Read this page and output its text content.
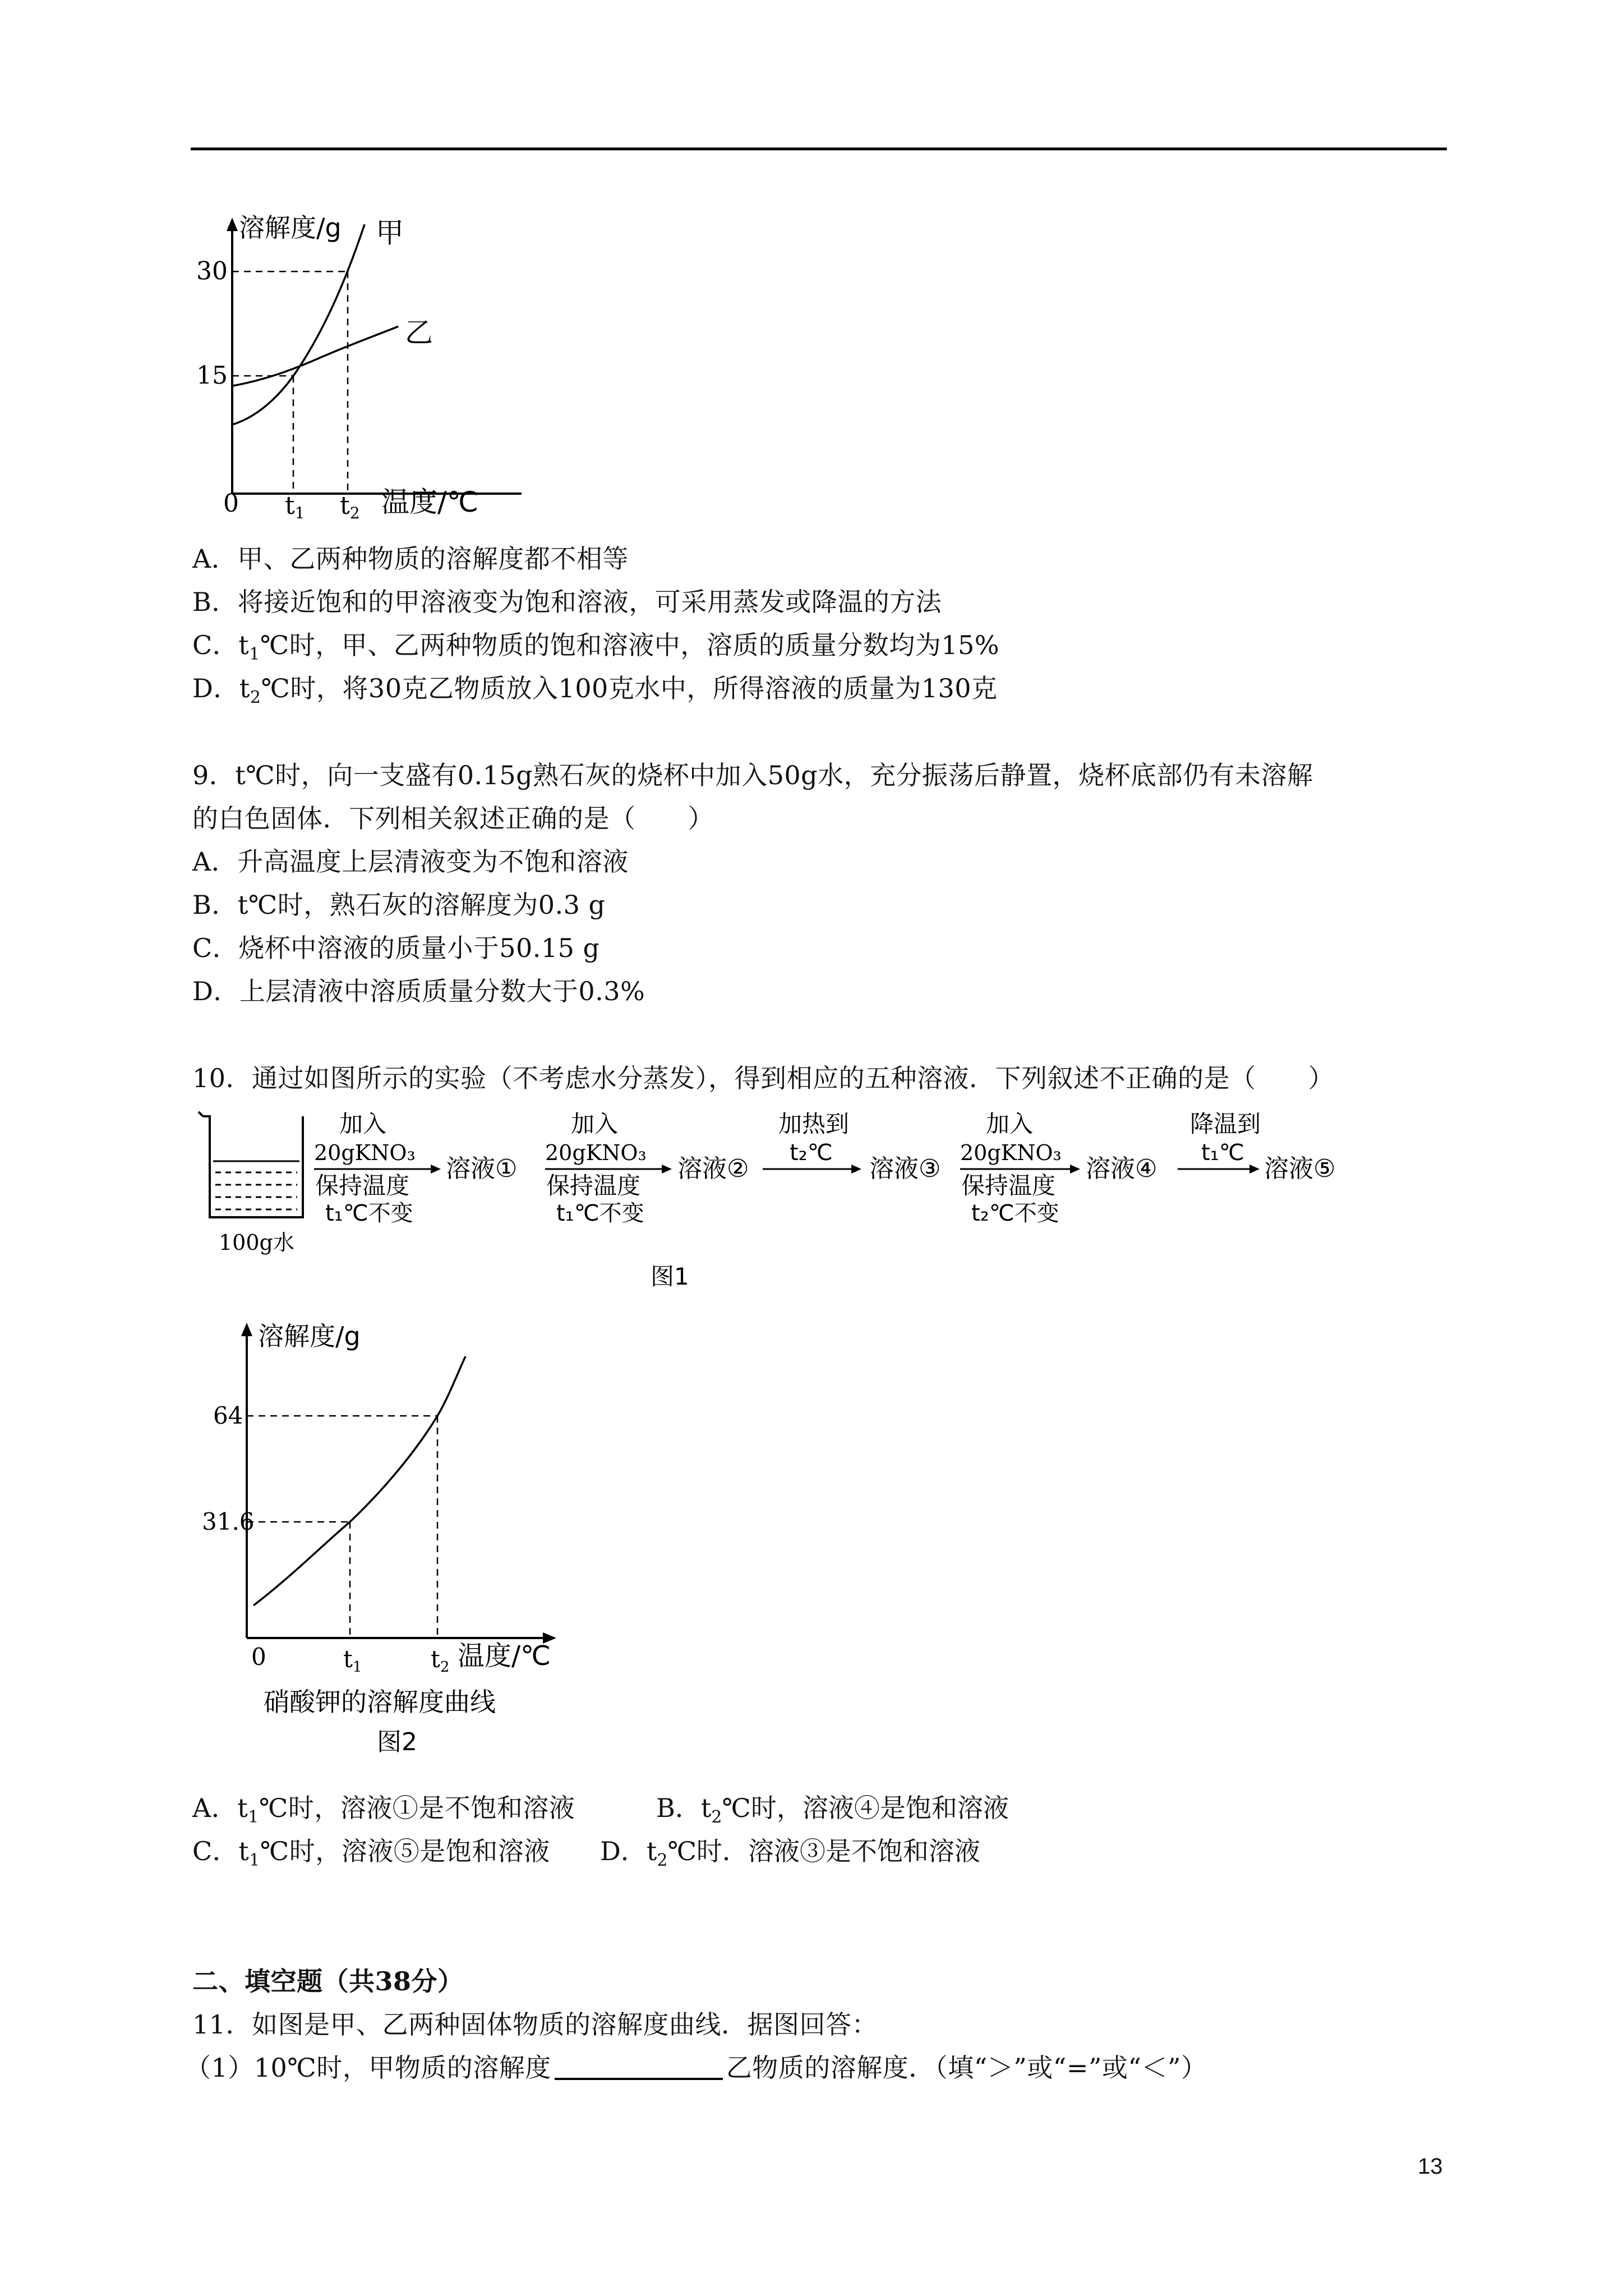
溶解度/g 甲
乙
30
15
0 t1 t2 温度/℃
A．甲、乙两种物质的溶解度都不相等
B．将接近饱和的甲溶液变为饱和溶液，可采用蒸发或降温的方法
C．$t_1℃$时，甲、乙两种物质的饱和溶液中，溶质的质量分数均为15%
D．$t_2℃$时，将30克乙物质放入100克水中，所得溶液的质量为130克
9．t℃时，向一支盛有0.15g熟石灰的烧杯中加入50g水，充分振荡后静置，烧杯底部仍有未溶解
的白色固体．下列相关叙述正确的是（　　）
A．升高温度上层清液变为不饱和溶液
B．t℃时，熟石灰的溶解度为0.3 g
C．烧杯中溶液的质量小于50.15 g
D．上层清液中溶质质量分数大于0.3%
10．通过如图所示的实验（不考虑水分蒸发），得到相应的五种溶液．下列叙述不正确的是（　　）
100g水
加入
20gKNO₃
保持温度
t₁℃不变
溶液①
加入
20gKNO₃
保持温度
t₁℃不变
溶液②
加热到
t₂℃
溶液③
加入
20gKNO₃
保持温度
t₂℃不变
溶液④
降温到
t₁℃
溶液⑤
图1
溶解度/g
64
31.6
0	t1	t2 温度/℃
硝酸钾的溶解度曲线
图2
A．$t_1℃$时，溶液①是不饱和溶液	B．$t_2℃$时，溶液④是饱和溶液
C．$t_1℃$时，溶液⑤是饱和溶液 D．$t_2℃$时．溶液③是不饱和溶液
二、填空题（共38分）
11．如图是甲、乙两种固体物质的溶解度曲线．据图回答：
（1）10℃时，甲物质的溶解度	乙物质的溶解度．（填“＞”或“=”或“＜”）
13
